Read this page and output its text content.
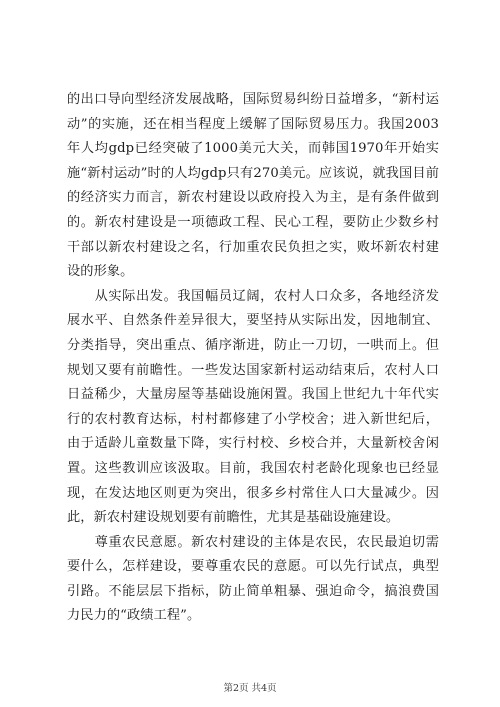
的出口导向型经济发展战略，国际贸易纠纷日益增多，“新村运动”的实施，还在相当程度上缓解了国际贸易压力。我国2003年人均gdp已经突破了1000美元大关，而韩国1970年开始实施“新村运动”时的人均gdp只有270美元。应该说，就我国目前的经济实力而言，新农村建设以政府投入为主，是有条件做到的。新农村建设是一项德政工程、民心工程，要防止少数乡村干部以新农村建设之名，行加重农民负担之实，败坏新农村建设的形象。

　　从实际出发。我国幅员辽阔，农村人口众多，各地经济发展水平、自然条件差异很大，要坚持从实际出发，因地制宜、分类指导，突出重点、循序渐进，防止一刀切，一哄而上。但规划又要有前瞻性。一些发达国家新村运动结束后，农村人口日益稀少，大量房屋等基础设施闲置。我国上世纪九十年代实行的农村教育达标，村村都修建了小学校舍；进入新世纪后，由于适龄儿童数量下降，实行村校、乡校合并，大量新校舍闲置。这些教训应该汲取。目前，我国农村老龄化现象也已经显现，在发达地区则更为突出，很多乡村常住人口大量减少。因此，新农村建设规划要有前瞻性，尤其是基础设施建设。

　　尊重农民意愿。新农村建设的主体是农民，农民最迫切需要什么，怎样建设，要尊重农民的意愿。可以先行试点，典型引路。不能层层下指标，防止简单粗暴、强迫命令，搞浪费国力民力的“政绩工程”。

第2页 共4页
